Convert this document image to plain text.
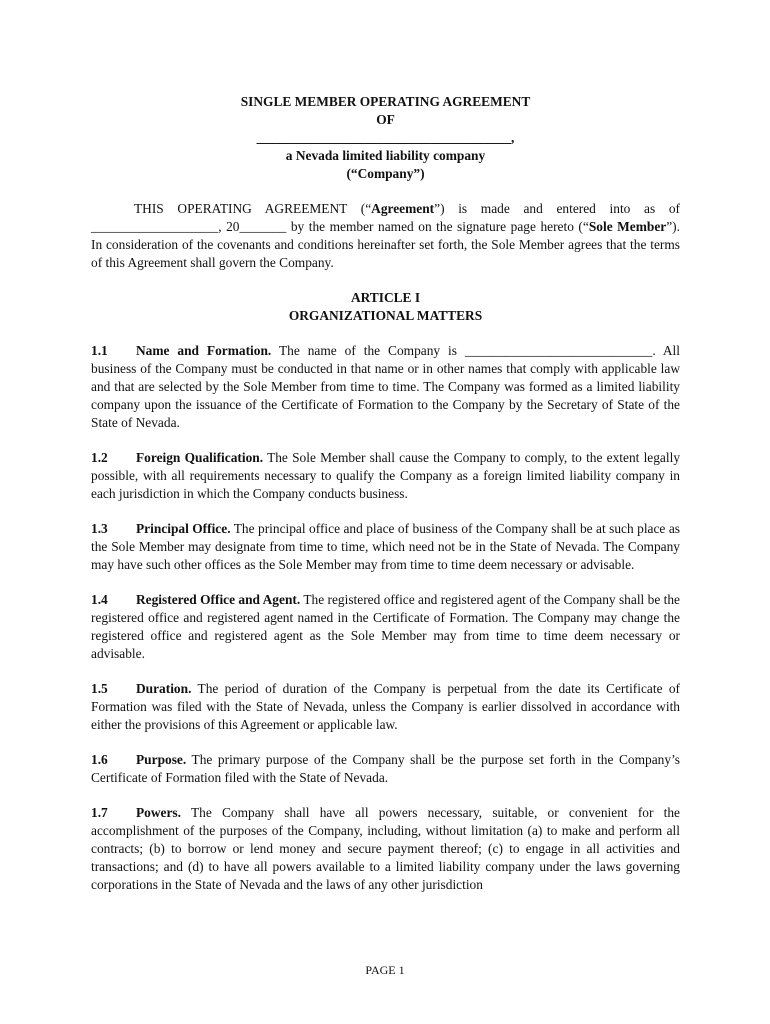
SINGLE MEMBER OPERATING AGREEMENT
OF
______________________________________,
a Nevada limited liability company
(“Company”)

THIS OPERATING AGREEMENT (“Agreement”) is made and entered into as of ___________________, 20_______ by the member named on the signature page hereto (“Sole Member”). In consideration of the covenants and conditions hereinafter set forth, the Sole Member agrees that the terms of this Agreement shall govern the Company.

ARTICLE I
ORGANIZATIONAL MATTERS

1.1 Name and Formation. The name of the Company is ____________________________. All business of the Company must be conducted in that name or in other names that comply with applicable law and that are selected by the Sole Member from time to time. The Company was formed as a limited liability company upon the issuance of the Certificate of Formation to the Company by the Secretary of State of the State of Nevada.

1.2 Foreign Qualification. The Sole Member shall cause the Company to comply, to the extent legally possible, with all requirements necessary to qualify the Company as a foreign limited liability company in each jurisdiction in which the Company conducts business.

1.3 Principal Office. The principal office and place of business of the Company shall be at such place as the Sole Member may designate from time to time, which need not be in the State of Nevada. The Company may have such other offices as the Sole Member may from time to time deem necessary or advisable.

1.4 Registered Office and Agent. The registered office and registered agent of the Company shall be the registered office and registered agent named in the Certificate of Formation. The Company may change the registered office and registered agent as the Sole Member may from time to time deem necessary or advisable.

1.5 Duration. The period of duration of the Company is perpetual from the date its Certificate of Formation was filed with the State of Nevada, unless the Company is earlier dissolved in accordance with either the provisions of this Agreement or applicable law.

1.6 Purpose. The primary purpose of the Company shall be the purpose set forth in the Company’s Certificate of Formation filed with the State of Nevada.

1.7 Powers. The Company shall have all powers necessary, suitable, or convenient for the accomplishment of the purposes of the Company, including, without limitation (a) to make and perform all contracts; (b) to borrow or lend money and secure payment thereof; (c) to engage in all activities and transactions; and (d) to have all powers available to a limited liability company under the laws governing corporations in the State of Nevada and the laws of any other jurisdiction

PAGE 1
